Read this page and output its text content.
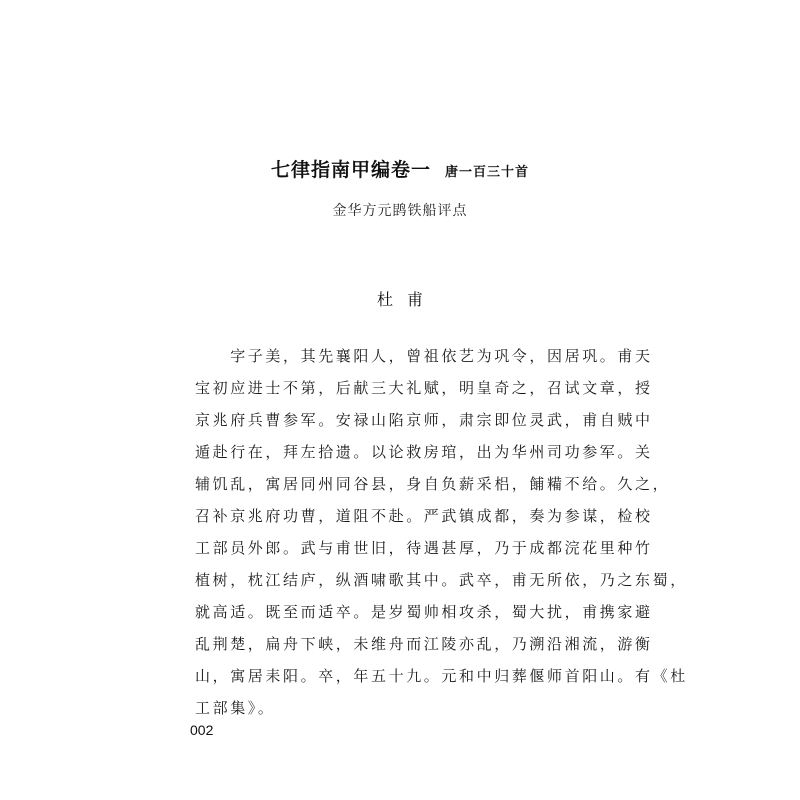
七律指南甲编卷一 唐一百三十首
金华方元鹍铁船评点
杜甫
　　字子美，其先襄阳人，曾祖依艺为巩令，因居巩。甫天
宝初应进士不第，后献三大礼赋，明皇奇之，召试文章，授
京兆府兵曹参军。安禄山陷京师，肃宗即位灵武，甫自贼中
遁赴行在，拜左拾遗。以论救房琯，出为华州司功参军。关
辅饥乱，寓居同州同谷县，身自负薪采梠，餔糒不给。久之，
召补京兆府功曹，道阻不赴。严武镇成都，奏为参谋，检校
工部员外郎。武与甫世旧，待遇甚厚，乃于成都浣花里种竹
植树，枕江结庐，纵酒啸歌其中。武卒，甫无所依，乃之东蜀，
就高适。既至而适卒。是岁蜀帅相攻杀，蜀大扰，甫携家避
乱荆楚，扁舟下峡，未维舟而江陵亦乱，乃溯沿湘流，游衡
山，寓居耒阳。卒，年五十九。元和中归葬偃师首阳山。有《杜
工部集》。
002
